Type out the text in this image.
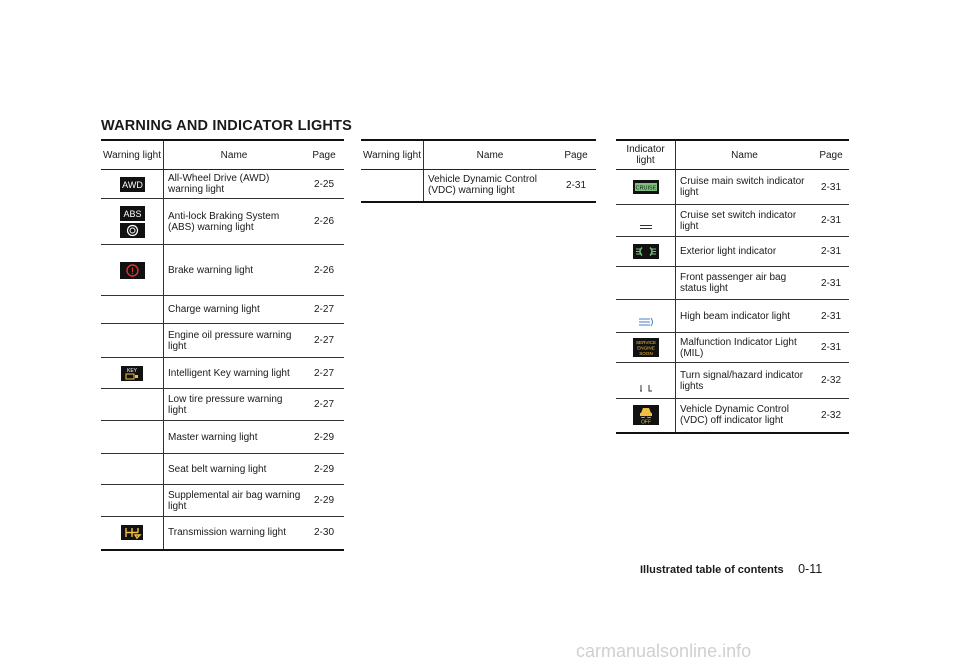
WARNING AND INDICATOR LIGHTS
Warning light	Name	Page

AWD	All-Wheel Drive (AWD) warning light	2-25

ABS	Anti-lock Braking System (ABS) warning light	2-26

!	Brake warning light	2-26
	Charge warning light	2-27
	Engine oil pressure warning light	2-27

KEY	Intelligent Key warning light	2-27
	Low tire pressure warning light	2-27
	Master warning light	2-29
	Seat belt warning light	2-29
	Supplemental air bag warning light	2-29

	Transmission warning light	2-30
Warning light	Name	Page
	Vehicle Dynamic Control (VDC) warning light	2-31
Indicator light	Name	Page

CRUISE	Cruise main switch indicator light	2-31

	Cruise set switch indicator light	2-31

	Exterior light indicator	2-31
	Front passenger air bag status light	2-31

	High beam indicator light	2-31

SERVICE
ENGINE
SOON	Malfunction Indicator Light (MIL)	2-31

	Turn signal/hazard indicator lights	2-32

OFF	Vehicle Dynamic Control (VDC) off indicator light	2-32
Illustrated table of contents 0-11
carmanualsonline.info
